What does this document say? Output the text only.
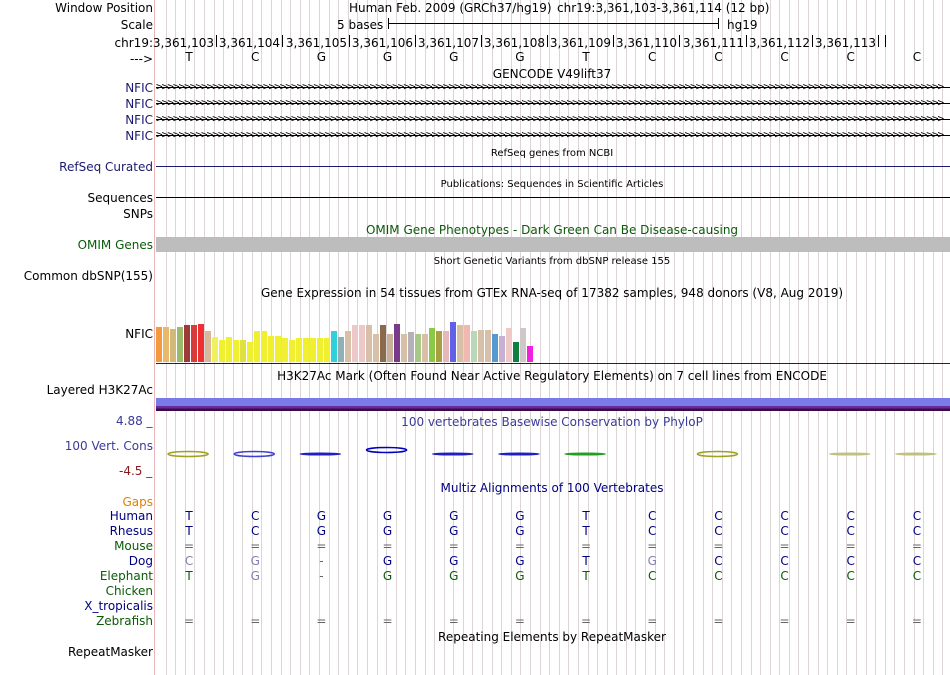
Window Position
Scale
chr19:
--->
Human Feb. 2009 (GRCh37/hg19) chr19:3,361,103-3,361,114 (12 bp)
5 bases	hg19
3,361,103 3,361,104 3,361,105 3,361,106 3,361,107 3,361,108 3,361,109 3,361,110 3,361,111 3,361,112 3,361,113
T	C	G	G	G	G	T	C	C	C	C	C
GENCODE V49lift37
NFIC >>>>>>>>>>>>>>>>>>>>>>>>>>>>>>>>>>>>>>>>>>>>>>>>>>>>>>>>>>>>>>>>>>>>>>>>>>>>>>>>>>>>>>>>>>>>>>>>>>>>>>>>>>>>>>>>>>>>>>>>>>>>>>>>>>>>>>>>>>>>
NFIC >>>>>>>>>>>>>>>>>>>>>>>>>>>>>>>>>>>>>>>>>>>>>>>>>>>>>>>>>>>>>>>>>>>>>>>>>>>>>>>>>>>>>>>>>>>>>>>>>>>>>>>>>>>>>>>>>>>>>>>>>>>>>>>>>>>>>>>>>>>>
NFIC >>>>>>>>>>>>>>>>>>>>>>>>>>>>>>>>>>>>>>>>>>>>>>>>>>>>>>>>>>>>>>>>>>>>>>>>>>>>>>>>>>>>>>>>>>>>>>>>>>>>>>>>>>>>>>>>>>>>>>>>>>>>>>>>>>>>>>>>>>>>
NFIC >>>>>>>>>>>>>>>>>>>>>>>>>>>>>>>>>>>>>>>>>>>>>>>>>>>>>>>>>>>>>>>>>>>>>>>>>>>>>>>>>>>>>>>>>>>>>>>>>>>>>>>>>>>>>>>>>>>>>>>>>>>>>>>>>>>>>>>>>>>>
RefSeq genes from NCBI
RefSeq Curated
Publications: Sequences in Scientific Articles
Sequences
SNPs
OMIM Gene Phenotypes - Dark Green Can Be Disease-causing
OMIM Genes
Short Genetic Variants from dbSNP release 155
Common dbSNP(155)
Gene Expression in 54 tissues from GTEx RNA-seq of 17382 samples, 948 donors (V8, Aug 2019)
NFIC
H3K27Ac Mark (Often Found Near Active Regulatory Elements) on 7 cell lines from ENCODE
Layered H3K27Ac
4.88 _	100 vertebrates Basewise Conservation by PhyloP
100 Vert. Cons
-4.5 _
Multiz Alignments of 100 Vertebrates
Gaps
Human	T	C	G	G	G	G	T	C	C	C	C	C
Rhesus	T	C	G	G	G	G	T	C	C	C	C	C
Mouse	=	=	=	=	=	=	=	=	=	=	=	=
Dog	C	G	-	G	G	G	T	G	C	C	C	C
Elephant	T	G	-	G	G	G	T	C	C	C	C	C
Chicken
X_tropicalis
Zebrafish	=	=	=	=	=	=	=	=	=	=	=	=
Repeating Elements by RepeatMasker
RepeatMasker
